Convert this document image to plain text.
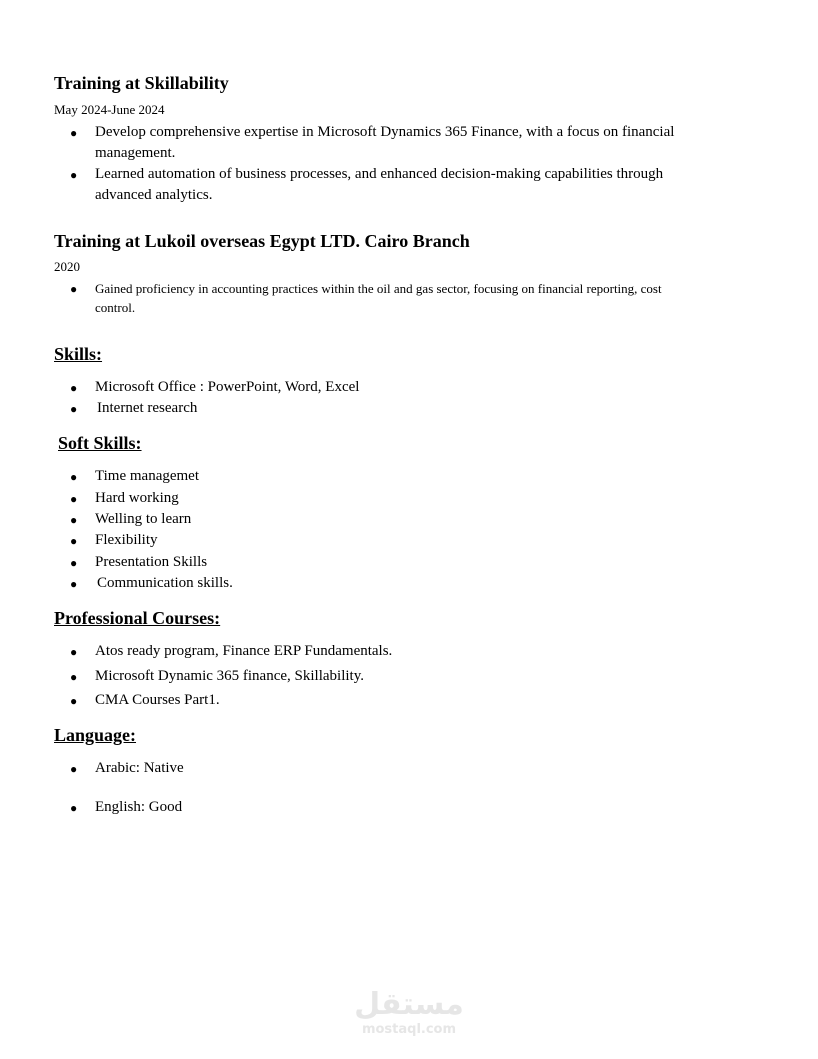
Training at Skillability
May 2024-June 2024
● Develop comprehensive expertise in Microsoft Dynamics 365 Finance, with a focus on financial
management.
● Learned automation of business processes, and enhanced decision-making capabilities through
advanced analytics.
Training at Lukoil overseas Egypt LTD. Cairo Branch
2020
● Gained proficiency in accounting practices within the oil and gas sector, focusing on financial reporting, cost
control.
Skills:
● Microsoft Office : PowerPoint, Word, Excel
● Internet research
Soft Skills:
● Time managemet
● Hard working
● Welling to learn
● Flexibility
● Presentation Skills
● Communication skills.
Professional Courses:
● Atos ready program, Finance ERP Fundamentals.
● Microsoft Dynamic 365 finance, Skillability.
● CMA Courses Part1.
Language:
● Arabic: Native
● English: Good
مستقل
mostaql.com
